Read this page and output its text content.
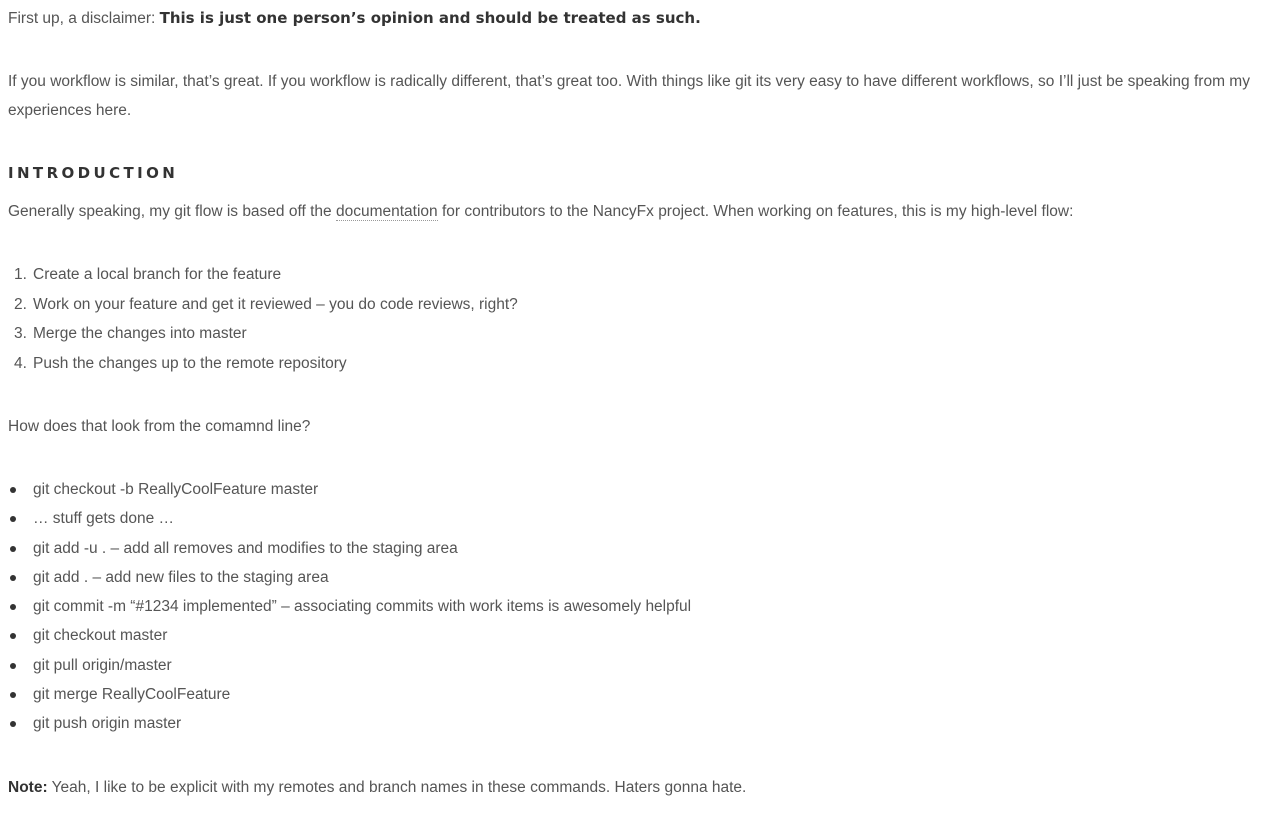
First up, a disclaimer: This is just one person’s opinion and should be treated as such.

If you workflow is similar, that’s great. If you workflow is radically different, that’s great too. With things like git its very easy to have different workflows, so I’ll just be speaking from my experiences here.

INTRODUCTION

Generally speaking, my git flow is based off the documentation for contributors to the NancyFx project. When working on features, this is my high-level flow:

1. Create a local branch for the feature
2. Work on your feature and get it reviewed – you do code reviews, right?
3. Merge the changes into master
4. Push the changes up to the remote repository

How does that look from the comamnd line?

git checkout -b ReallyCoolFeature master
… stuff gets done …
git add -u . – add all removes and modifies to the staging area
git add . – add new files to the staging area
git commit -m “#1234 implemented” – associating commits with work items is awesomely helpful
git checkout master
git pull origin/master
git merge ReallyCoolFeature
git push origin master

Note: Yeah, I like to be explicit with my remotes and branch names in these commands. Haters gonna hate.
